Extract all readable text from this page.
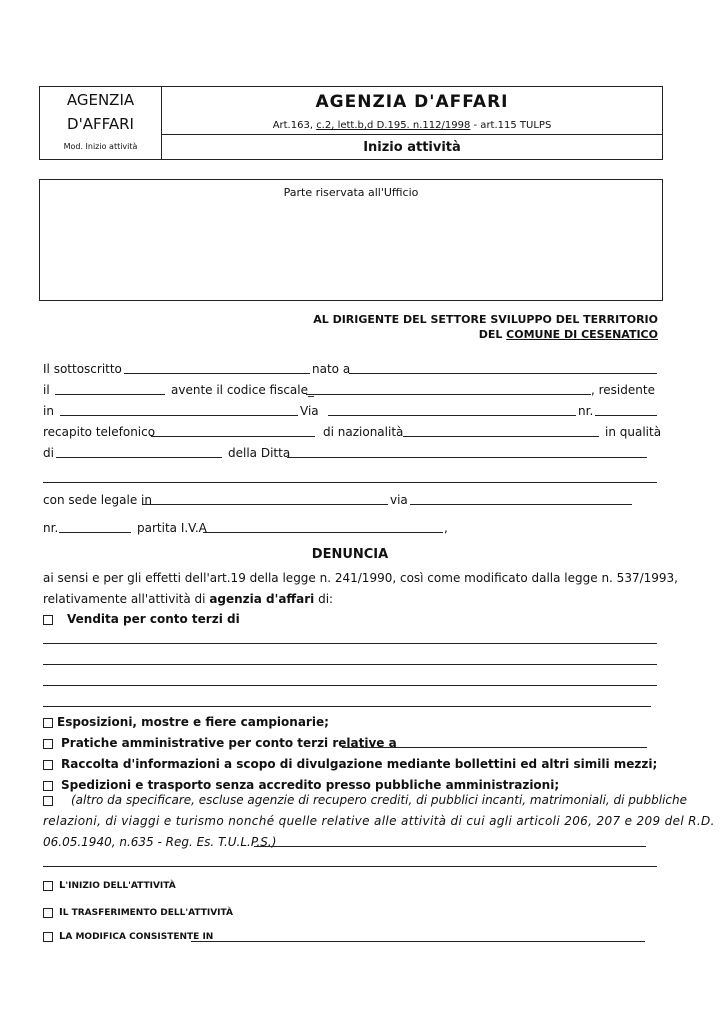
AGENZIA
D'AFFARI
Mod. Inizio attività
AGENZIA D'AFFARI
Art.163, c.2, lett.b,d D.195. n.112/1998 - art.115 TULPS
Inizio attività
Parte riservata all'Ufficio
AL DIRIGENTE DEL SETTORE SVILUPPO DEL TERRITORIO
DEL COMUNE DI CESENATICO
Il sottoscritto	nato a
il	avente il codice fiscale_	, residente
in	Via	nr.
recapito telefonico	di nazionalità	in qualità
di	della Ditta
con sede legale in	via
nr.	partita I.V.A	,
DENUNCIA
ai sensi e per gli effetti dell'art.19 della legge n. 241/1990, così come modificato dalla legge n. 537/1993,
relativamente all'attività di agenzia d'affari di:
Vendita per conto terzi di
Esposizioni, mostre e fiere campionarie;
Pratiche amministrative per conto terzi relative a
Raccolta d'informazioni a scopo di divulgazione mediante bollettini ed altri simili mezzi;
Spedizioni e trasporto senza accredito presso pubbliche amministrazioni;
(altro da specificare, escluse agenzie di recupero crediti, di pubblici incanti, matrimoniali, di pubbliche
relazioni, di viaggi e turismo nonché quelle relative alle attività di cui agli articoli 206, 207 e 209 del R.D.
06.05.1940, n.635 - Reg. Es. T.U.L.P.S.)
L'INIZIO DELL'ATTIVITÀ
IL TRASFERIMENTO DELL'ATTIVITÀ
LA MODIFICA CONSISTENTE IN
